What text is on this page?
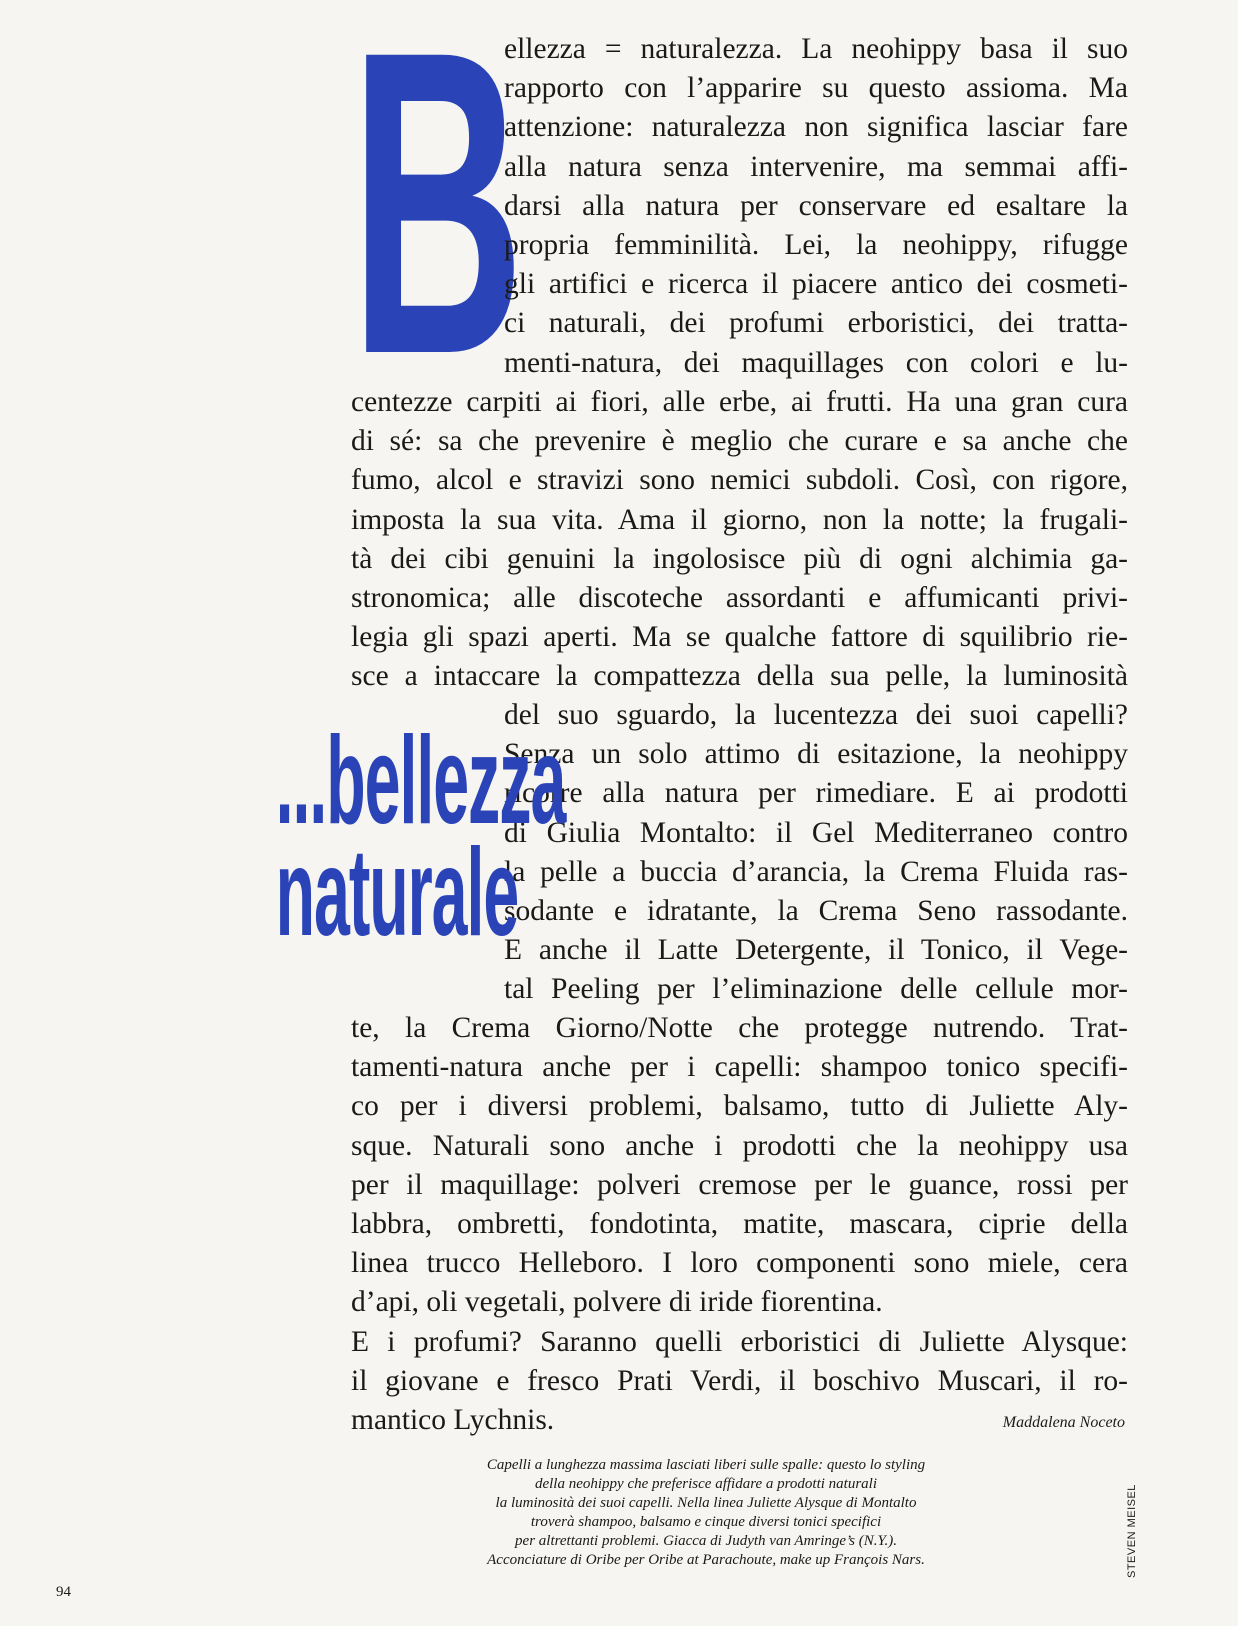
B
ellezza = naturalezza. La neohippy basa il suo
rapporto con l’apparire su questo assioma. Ma
attenzione: naturalezza non significa lasciar fare
alla natura senza intervenire, ma semmai affi-
darsi alla natura per conservare ed esaltare la
propria femminilità. Lei, la neohippy, rifugge
gli artifici e ricerca il piacere antico dei cosmeti-
ci naturali, dei profumi erboristici, dei tratta-
menti-natura, dei maquillages con colori e lu-
centezze carpiti ai fiori, alle erbe, ai frutti. Ha una gran cura
di sé: sa che prevenire è meglio che curare e sa anche che
fumo, alcol e stravizi sono nemici subdoli. Così, con rigore,
imposta la sua vita. Ama il giorno, non la notte; la frugali-
tà dei cibi genuini la ingolosisce più di ogni alchimia ga-
stronomica; alle discoteche assordanti e affumicanti privi-
legia gli spazi aperti. Ma se qualche fattore di squilibrio rie-
sce a intaccare la compattezza della sua pelle, la luminosità
del suo sguardo, la lucentezza dei suoi capelli?
Senza un solo attimo di esitazione, la neohippy
ricorre alla natura per rimediare. E ai prodotti
di Giulia Montalto: il Gel Mediterraneo contro
la pelle a buccia d’arancia, la Crema Fluida ras-
sodante e idratante, la Crema Seno rassodante.
E anche il Latte Detergente, il Tonico, il Vege-
tal Peeling per l’eliminazione delle cellule mor-
te, la Crema Giorno/Notte che protegge nutrendo. Trat-
tamenti-natura anche per i capelli: shampoo tonico specifi-
co per i diversi problemi, balsamo, tutto di Juliette Aly-
sque. Naturali sono anche i prodotti che la neohippy usa
per il maquillage: polveri cremose per le guance, rossi per
labbra, ombretti, fondotinta, matite, mascara, ciprie della
linea trucco Helleboro. I loro componenti sono miele, cera
d’api, oli vegetali, polvere di iride fiorentina.
E i profumi? Saranno quelli erboristici di Juliette Alysque:
il giovane e fresco Prati Verdi, il boschivo Muscari, il ro-
mantico Lychnis.	Maddalena Noceto
...bellezza
naturale
Capelli a lunghezza massima lasciati liberi sulle spalle: questo lo styling
della neohippy che preferisce affidare a prodotti naturali
la luminosità dei suoi capelli. Nella linea Juliette Alysque di Montalto
troverà shampoo, balsamo e cinque diversi tonici specifici
per altrettanti problemi. Giacca di Judyth van Amringe’s (N.Y.).
Acconciature di Oribe per Oribe at Parachoute, make up François Nars.	STEVEN MEISEL
94
